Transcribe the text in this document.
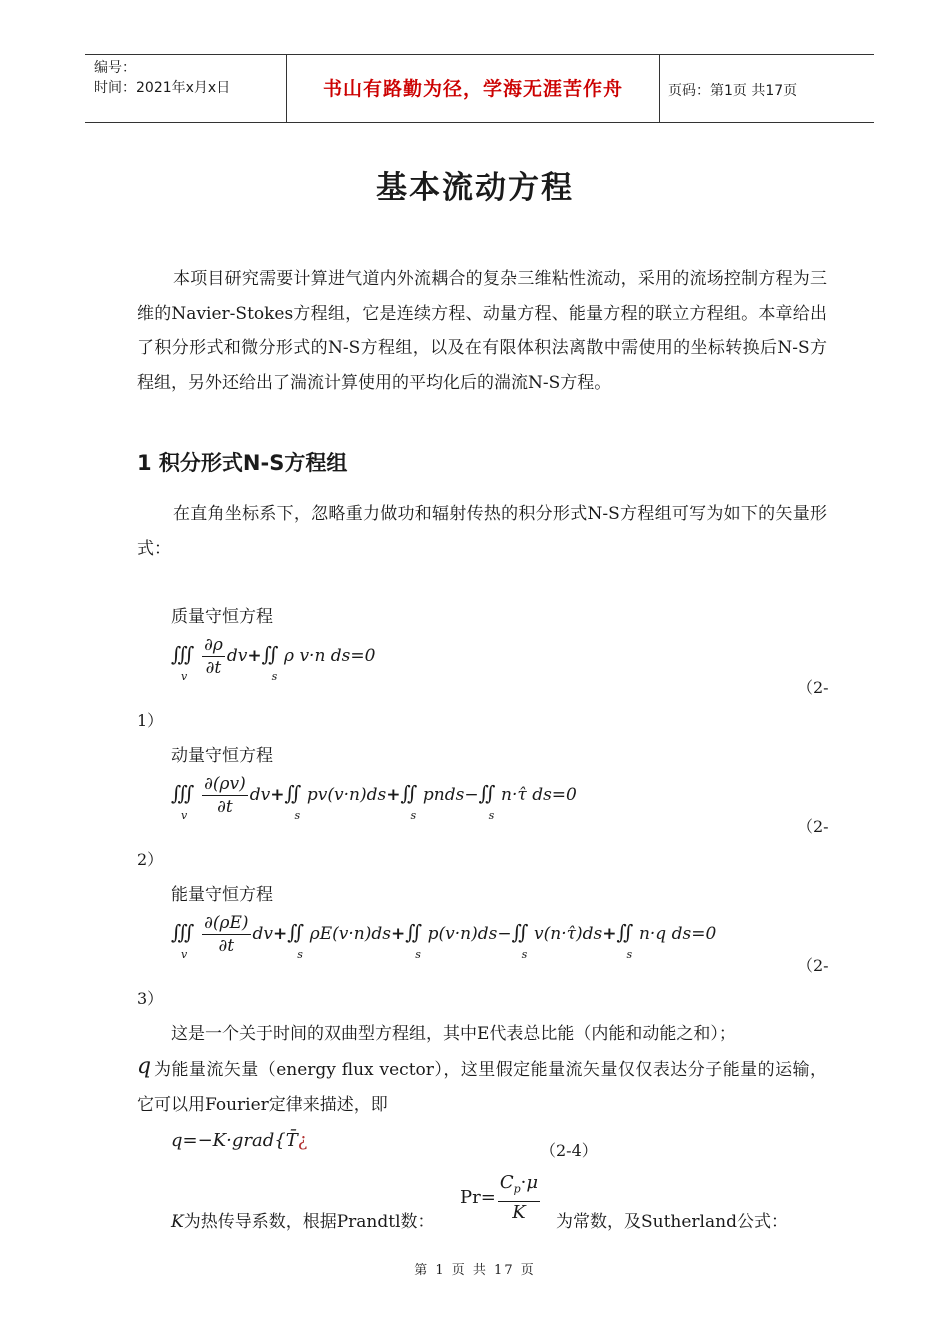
编号：
时间：2021年x月x日	书山有路勤为径，学海无涯苦作舟	页码：第1页 共17页
基本流动方程
本项目研究需要计算进气道内外流耦合的复杂三维粘性流动，采用的流场控制方程为三维的Navier-Stokes方程组，它是连续方程、动量方程、能量方程的联立方程组。本章给出了积分形式和微分形式的N-S方程组，以及在有限体积法离散中需使用的坐标转换后N-S方程组，另外还给出了湍流计算使用的平均化后的湍流N-S方程。
1 积分形式N-S方程组
在直角坐标系下，忽略重力做功和辐射传热的积分形式N-S方程组可写为如下的矢量形式：
质量守恒方程
∭
v
$\frac{\partial\rho}{\partial t}$ dv+∬
s
ρ v·n ds=0
（2-
1）
动量守恒方程
∭
v
$\frac{\partial(\rho v)}{\partial t}$ dv+∬
s
pv(v·n)ds+∬
s
pnds−∬
s
n·τ̂ ds=0
（2-
2）
能量守恒方程
∭
v
$\frac{\partial(\rho E)}{\partial t}$ dv+∬
s
ρE(v·n)ds+∬
s
p(v·n)ds−∬
s
v(n·τ̂)ds+∬
s
n·q ds=0
（2-
3）
这是一个关于时间的双曲型方程组，其中E代表总比能（内能和动能之和）；
q 为能量流矢量（energy flux vector），这里假定能量流矢量仅仅表达分子能量的运输，它可以用Fourier定律来描述，即
q=−K·grad{T̄¿	（2-4）
K为热传导系数，根据Prandtl数：
$Pr= \frac{C_p\cdot\mu}{K}$ 为常数，及Sutherland公式：
第 1 页 共 17 页
